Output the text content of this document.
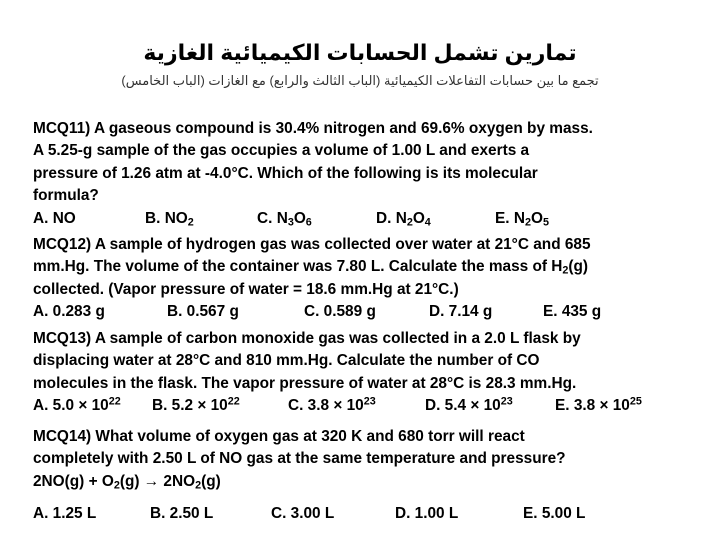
تمارين تشمل الحسابات الكيميائية الغازية
تجمع ما بين حسابات التفاعلات الكيميائية (الباب الثالث والرابع) مع الغازات (الباب الخامس)

MCQ11) A gaseous compound is 30.4% nitrogen and 69.6% oxygen by mass.

A 5.25-g sample of the gas occupies a volume of 1.00 L and exerts a

pressure of 1.26 atm at -4.0°C. Which of the following is its molecular

formula?

A. NO	B. $NO_2$	C. $N_3O_6$	D. $N_2O_4$	E. $N_2O_5$

MCQ12) A sample of hydrogen gas was collected over water at 21°C and 685

mm.Hg. The volume of the container was 7.80 L. Calculate the mass of $H_2(g)$

collected. (Vapor pressure of water = 18.6 mm.Hg at 21°C.)

A. 0.283 g	B. 0.567 g	C. 0.589 g	D. 7.14 g	E. 435 g

MCQ13) A sample of carbon monoxide gas was collected in a 2.0 L flask by

displacing water at 28°C and 810 mm.Hg. Calculate the number of CO

molecules in the flask. The vapor pressure of water at 28°C is 28.3 mm.Hg.

A. $5.0 \times 10^{22}$ B. $5.2 \times 10^{22}$	C. $3.8 \times 10^{23}$	D. $5.4 \times 10^{23}$	E. $3.8 \times 10^{25}$

MCQ14) What volume of oxygen gas at 320 K and 680 torr will react

completely with 2.50 L of NO gas at the same temperature and pressure?

$2NO(g) + O_2(g) \to 2NO_2(g)$

A. 1.25 L	B. 2.50 L	C. 3.00 L	D. 1.00 L	E. 5.00 L
